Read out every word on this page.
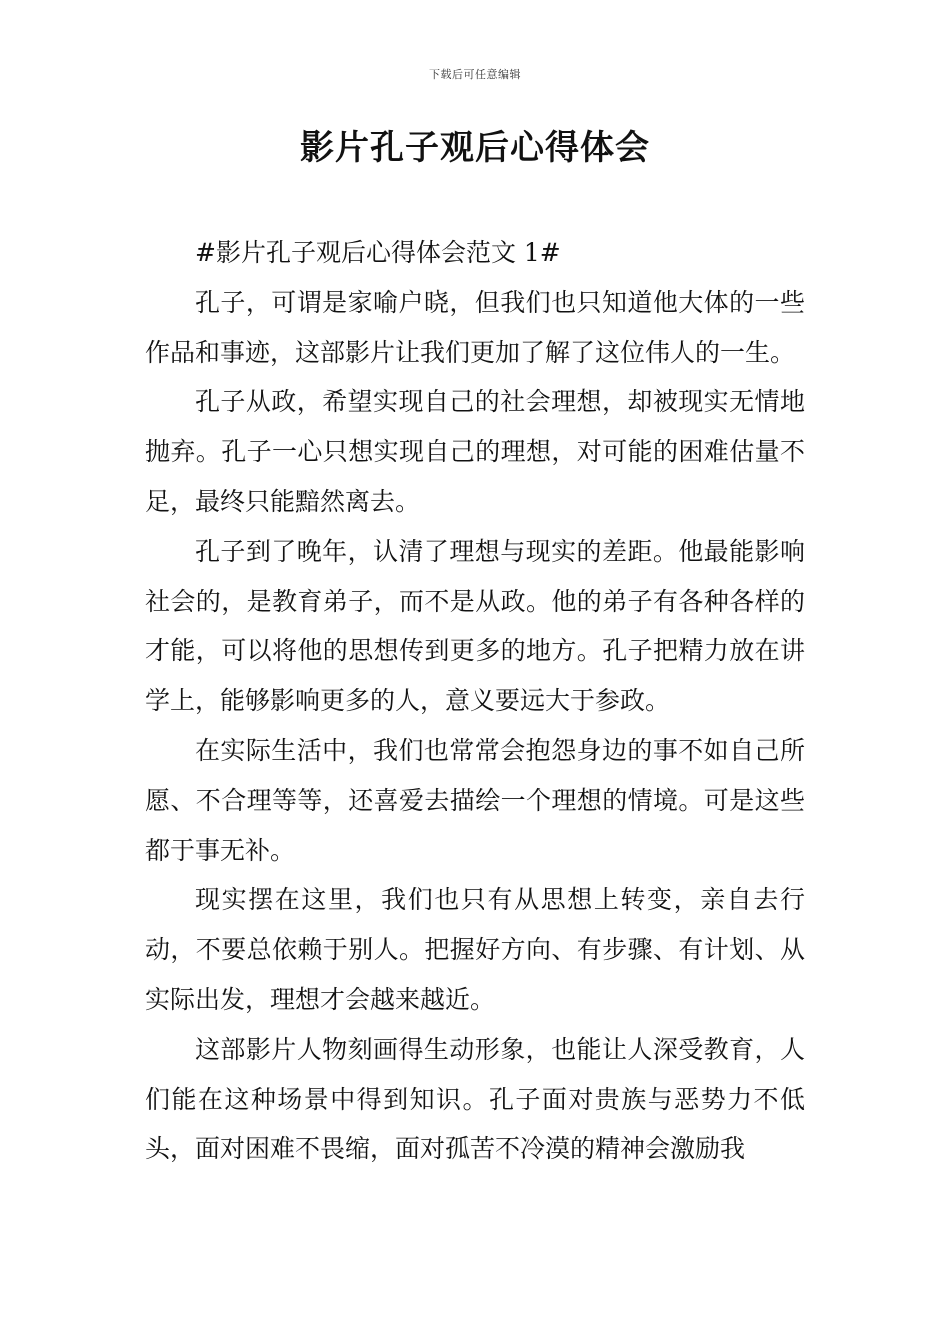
下载后可任意编辑
影片孔子观后心得体会

#影片孔子观后心得体会范文 1#

孔子，可谓是家喻户晓，但我们也只知道他大体的一些作品和事迹，这部影片让我们更加了解了这位伟人的一生。

孔子从政，希望实现自己的社会理想，却被现实无情地抛弃。孔子一心只想实现自己的理想，对可能的困难估量不足，最终只能黯然离去。

孔子到了晚年，认清了理想与现实的差距。他最能影响社会的，是教育弟子，而不是从政。他的弟子有各种各样的才能，可以将他的思想传到更多的地方。孔子把精力放在讲学上，能够影响更多的人，意义要远大于参政。

在实际生活中，我们也常常会抱怨身边的事不如自己所愿、不合理等等，还喜爱去描绘一个理想的情境。可是这些都于事无补。

现实摆在这里，我们也只有从思想上转变，亲自去行动，不要总依赖于别人。把握好方向、有步骤、有计划、从实际出发，理想才会越来越近。

这部影片人物刻画得生动形象，也能让人深受教育，人们能在这种场景中得到知识。孔子面对贵族与恶势力不低头，面对困难不畏缩，面对孤苦不冷漠的精神会激励我
